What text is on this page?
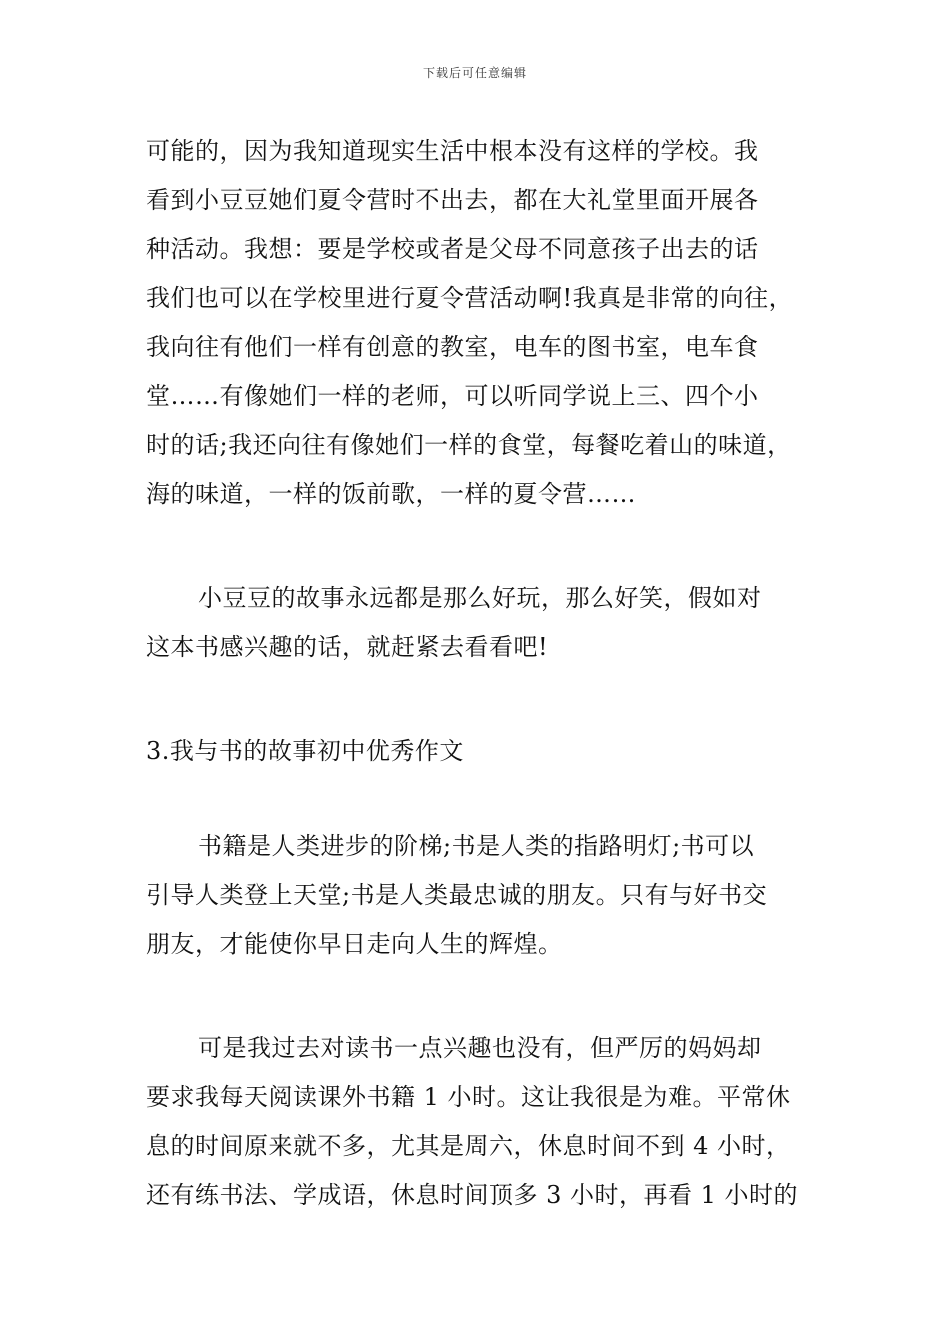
下载后可任意编辑
可能的，因为我知道现实生活中根本没有这样的学校。我
看到小豆豆她们夏令营时不出去，都在大礼堂里面开展各
种活动。我想：要是学校或者是父母不同意孩子出去的话
我们也可以在学校里进行夏令营活动啊!我真是非常的向往，
我向往有他们一样有创意的教室，电车的图书室，电车食
堂……有像她们一样的老师，可以听同学说上三、四个小
时的话;我还向往有像她们一样的食堂，每餐吃着山的味道，
海的味道，一样的饭前歌，一样的夏令营……
小豆豆的故事永远都是那么好玩，那么好笑，假如对
这本书感兴趣的话，就赶紧去看看吧!
3.我与书的故事初中优秀作文
书籍是人类进步的阶梯;书是人类的指路明灯;书可以
引导人类登上天堂;书是人类最忠诚的朋友。只有与好书交
朋友，才能使你早日走向人生的辉煌。
可是我过去对读书一点兴趣也没有，但严厉的妈妈却
要求我每天阅读课外书籍 1 小时。这让我很是为难。平常休
息的时间原来就不多，尤其是周六，休息时间不到 4 小时，
还有练书法、学成语，休息时间顶多 3 小时，再看 1 小时的
